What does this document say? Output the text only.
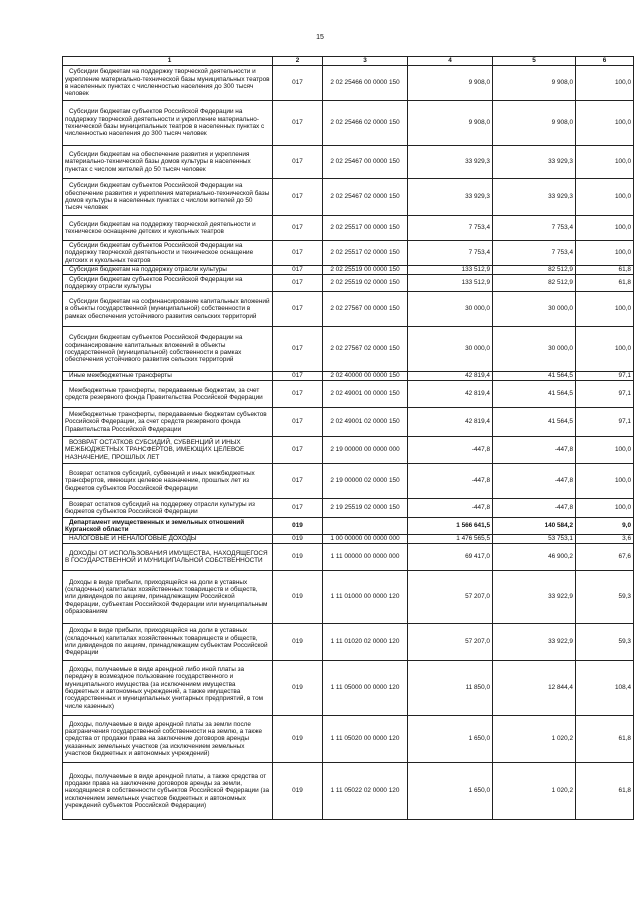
15
1	2	3	4	5	6
Субсидии бюджетам на поддержку творческой деятельности и укрепление материально-технической базы муниципальных театров в населенных пунктах с численностью населения до 300 тысяч человек	017	2 02 25466 00 0000 150	9 908,0	9 908,0	100,0
Субсидии бюджетам субъектов Российской Федерации на поддержку творческой деятельности и укрепление материально-технической базы муниципальных театров в населенных пунктах с численностью населения до 300 тысяч человек	017	2 02 25466 02 0000 150	9 908,0	9 908,0	100,0
Субсидии бюджетам на обеспечение развития и укрепления материально-технической базы домов культуры в населенных пунктах с числом жителей до 50 тысяч человек	017	2 02 25467 00 0000 150	33 929,3	33 929,3	100,0
Субсидии бюджетам субъектов Российской Федерации на обеспечение развития и укрепления материально-технической базы домов культуры в населенных пунктах с числом жителей до 50 тысяч человек	017	2 02 25467 02 0000 150	33 929,3	33 929,3	100,0
Субсидии бюджетам на поддержку творческой деятельности и техническое оснащение детских и кукольных театров	017	2 02 25517 00 0000 150	7 753,4	7 753,4	100,0
Субсидии бюджетам субъектов Российской Федерации на поддержку творческой деятельности и техническое оснащение детских и кукольных театров	017	2 02 25517 02 0000 150	7 753,4	7 753,4	100,0
Субсидия бюджетам на поддержку отрасли культуры	017	2 02 25519 00 0000 150	133 512,9	82 512,9	61,8
Субсидии бюджетам субъектов Российской Федерации на поддержку отрасли культуры	017	2 02 25519 02 0000 150	133 512,9	82 512,9	61,8
Субсидии бюджетам на софинансирование капитальных вложений в объекты государственной (муниципальной) собственности в рамках обеспечения устойчивого развития сельских территорий	017	2 02 27567 00 0000 150	30 000,0	30 000,0	100,0
Субсидии бюджетам субъектов Российской Федерации на софинансирование капитальных вложений в объекты государственной (муниципальной) собственности в рамках обеспечения устойчивого развития сельских территорий	017	2 02 27567 02 0000 150	30 000,0	30 000,0	100,0
Иные межбюджетные трансферты	017	2 02 40000 00 0000 150	42 819,4	41 564,5	97,1
Межбюджетные трансферты, передаваемые бюджетам, за счет средств резервного фонда Правительства Российской Федерации	017	2 02 49001 00 0000 150	42 819,4	41 564,5	97,1
Межбюджетные трансферты, передаваемые бюджетам субъектов Российской Федерации, за счет средств резервного фонда Правительства Российской Федерации	017	2 02 49001 02 0000 150	42 819,4	41 564,5	97,1
ВОЗВРАТ ОСТАТКОВ СУБСИДИЙ, СУБВЕНЦИЙ И ИНЫХ МЕЖБЮДЖЕТНЫХ ТРАНСФЕРТОВ, ИМЕЮЩИХ ЦЕЛЕВОЕ НАЗНАЧЕНИЕ, ПРОШЛЫХ ЛЕТ	017	2 19 00000 00 0000 000	-447,8	-447,8	100,0
Возврат остатков субсидий, субвенций и иных межбюджетных трансфертов, имеющих целевое назначение, прошлых лет из бюджетов субъектов Российской Федерации	017	2 19 00000 02 0000 150	-447,8	-447,8	100,0
Возврат остатков субсидий на поддержку отрасли культуры из бюджетов субъектов Российской Федерации	017	2 19 25519 02 0000 150	-447,8	-447,8	100,0
Департамент имущественных и земельных отношений Курганской области	019		1 566 641,5	140 584,2	9,0
НАЛОГОВЫЕ И НЕНАЛОГОВЫЕ ДОХОДЫ	019	1 00 00000 00 0000 000	1 476 565,5	53 753,1	3,6
ДОХОДЫ ОТ ИСПОЛЬЗОВАНИЯ ИМУЩЕСТВА, НАХОДЯЩЕГОСЯ В ГОСУДАРСТВЕННОЙ И МУНИЦИПАЛЬНОЙ СОБСТВЕННОСТИ	019	1 11 00000 00 0000 000	69 417,0	46 900,2	67,6
Доходы в виде прибыли, приходящейся на доли в уставных (складочных) капиталах хозяйственных товариществ и обществ, или дивидендов по акциям, принадлежащим Российской Федерации, субъектам Российской Федерации или муниципальным образованиям	019	1 11 01000 00 0000 120	57 207,0	33 922,9	59,3
Доходы в виде прибыли, приходящейся на доли в уставных (складочных) капиталах хозяйственных товариществ и обществ, или дивидендов по акциям, принадлежащим субъектам Российской Федерации	019	1 11 01020 02 0000 120	57 207,0	33 922,9	59,3
Доходы, получаемые в виде арендной либо иной платы за передачу в возмездное пользование государственного и муниципального имущества (за исключением имущества бюджетных и автономных учреждений, а также имущества государственных и муниципальных унитарных предприятий, в том числе казенных)	019	1 11 05000 00 0000 120	11 850,0	12 844,4	108,4
Доходы, получаемые в виде арендной платы за земли после разграничения государственной собственности на землю, а также средства от продажи права на заключение договоров аренды указанных земельных участков (за исключением земельных участков бюджетных и автономных учреждений)	019	1 11 05020 00 0000 120	1 650,0	1 020,2	61,8
Доходы, получаемые в виде арендной платы, а также средства от продажи права на заключение договоров аренды за земли, находящиеся в собственности субъектов Российской Федерации (за исключением земельных участков бюджетных и автономных учреждений субъектов Российской Федерации)	019	1 11 05022 02 0000 120	1 650,0	1 020,2	61,8
